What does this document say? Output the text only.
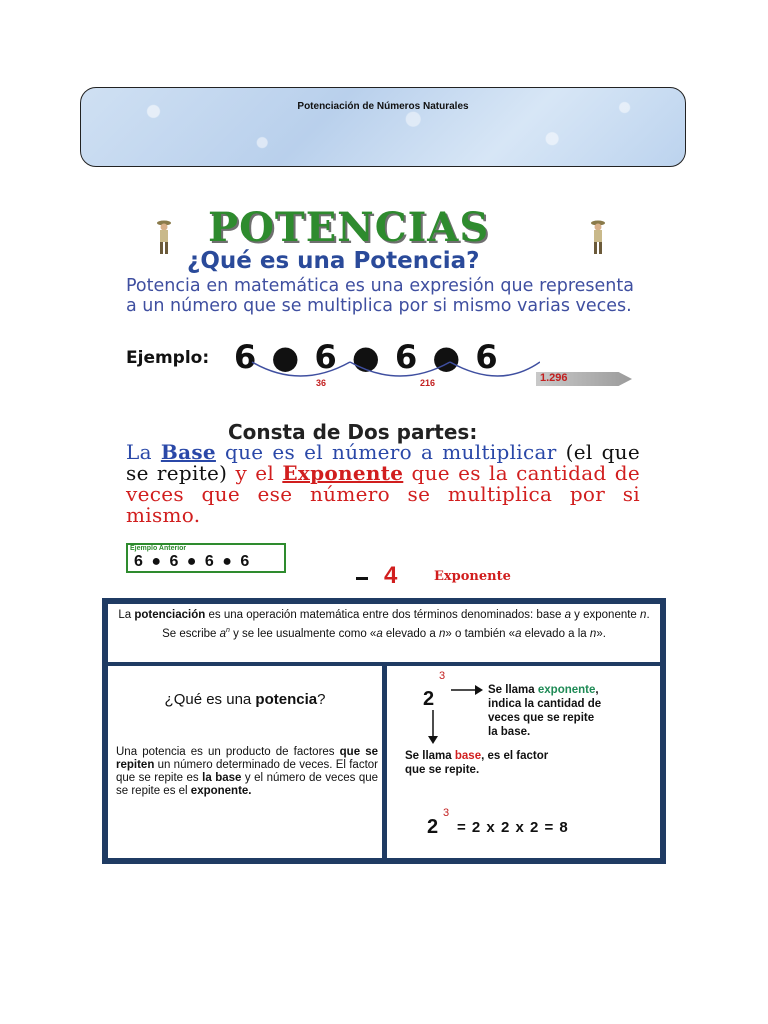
Potenciación de Números Naturales
POTENCIAS
¿Qué es una Potencia?
Potencia en matemática es una expresión que representa a un número que se multiplica por si mismo varias veces.
Ejemplo: 6 ● 6 ● 6 ● 6
36	216	1.296
Consta de Dos partes:
La Base que es el número a multiplicar (el que se repite) y el Exponente que es la cantidad de veces que ese número se multiplica por si mismo.
Ejemplo Anterior
6 ● 6 ● 6 ● 6
4	Exponente
La potenciación es una operación matemática entre dos términos denominados: base a y exponente n. Se escribe $a^n$ y se lee usualmente como «a elevado a n» o también «a elevado a la n».
¿Qué es una potencia?
Una potencia es un producto de factores que se repiten un número determinado de veces. El factor que se repite es la base y el número de veces que se repite es el exponente.
2
3
Se llama exponente,
indica la cantidad de
veces que se repite
la base.
Se llama base, es el factor
que se repite.
2
3
= 2 x 2 x 2 = 8
